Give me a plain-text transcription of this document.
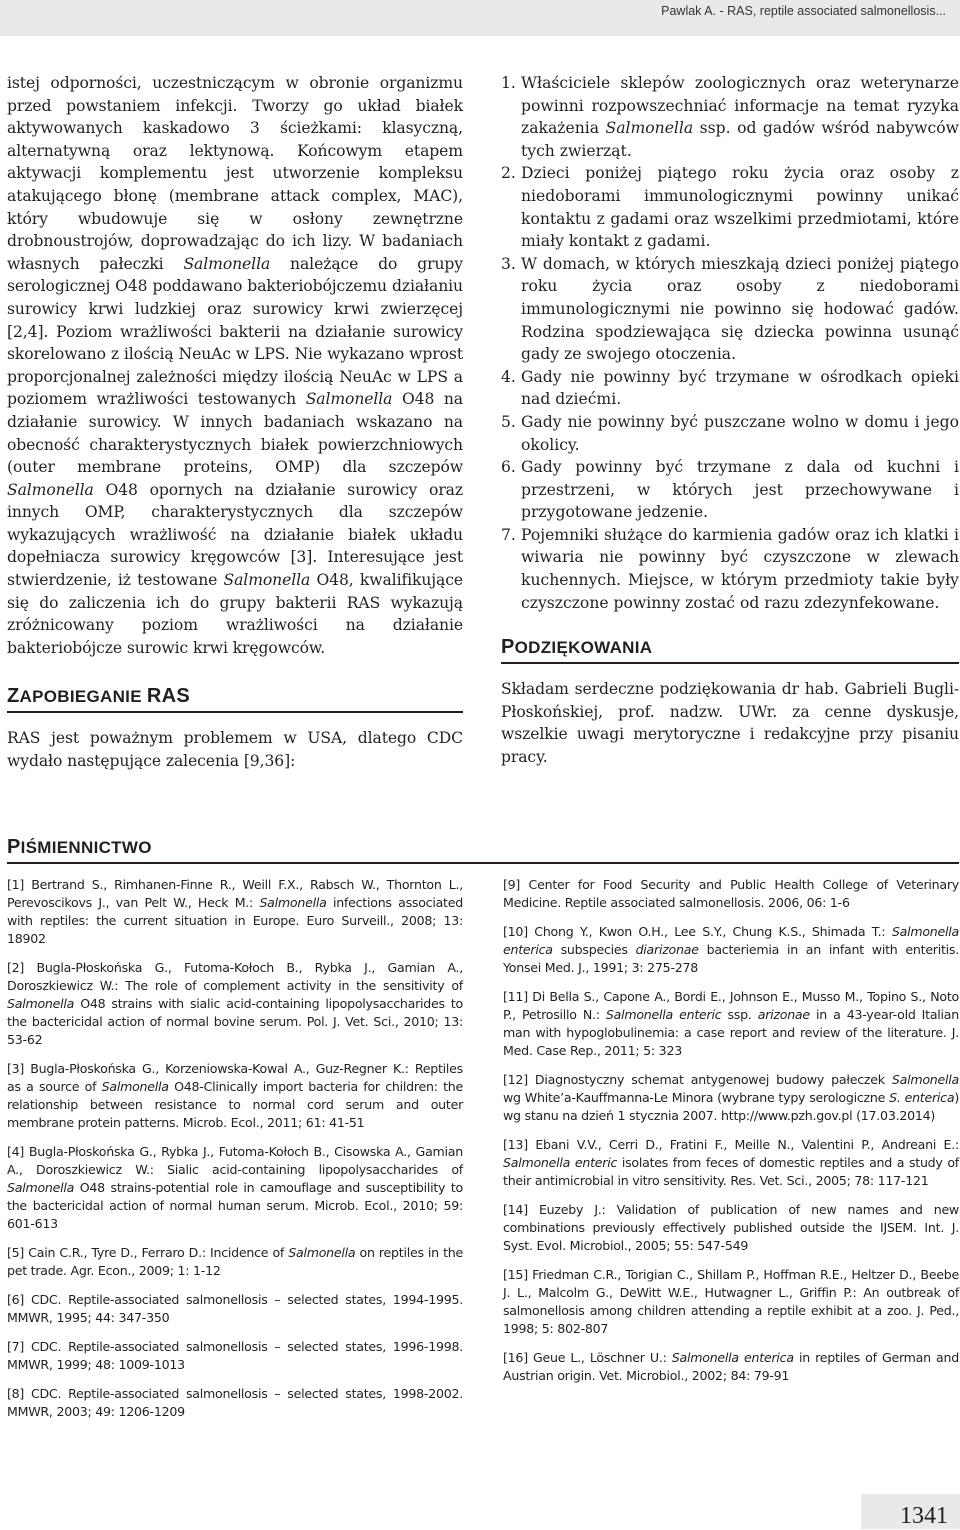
Pawlak A. - RAS, reptile associated salmonellosis...

istej odporności, uczestniczącym w obronie organizmu przed powstaniem infekcji. Tworzy go układ białek aktywowanych kaskadowo 3 ścieżkami: klasyczną, alternatywną oraz lektynową. Końcowym etapem aktywacji komplementu jest utworzenie kompleksu atakującego błonę (membrane attack complex, MAC), który wbudowuje się w osłony zewnętrzne drobnoustrojów, doprowadzając do ich lizy. W badaniach własnych pałeczki Salmonella należące do grupy serologicznej O48 poddawano bakteriobójczemu działaniu surowicy krwi ludzkiej oraz surowicy krwi zwierzęcej [2,4]. Poziom wrażliwości bakterii na działanie surowicy skorelowano z ilością NeuAc w LPS. Nie wykazano wprost proporcjonalnej zależności między ilością NeuAc w LPS a poziomem wrażliwości testowanych Salmonella O48 na działanie surowicy. W innych badaniach wskazano na obecność charakterystycznych białek powierzchniowych (outer membrane proteins, OMP) dla szczepów Salmonella O48 opornych na działanie surowicy oraz innych OMP, charakterystycznych dla szczepów wykazujących wrażliwość na działanie białek układu dopełniacza surowicy kręgowców [3]. Interesujące jest stwierdzenie, iż testowane Salmonella O48, kwalifikujące się do zaliczenia ich do grupy bakterii RAS wykazują zróżnicowany poziom wrażliwości na działanie bakteriobójcze surowic krwi kręgowców.

ZAPOBIEGANIE RAS

RAS jest poważnym problemem w USA, dlatego CDC wydało następujące zalecenia [9,36]:

1. Właściciele sklepów zoologicznych oraz weterynarze powinni rozpowszechniać informacje na temat ryzyka zakażenia Salmonella ssp. od gadów wśród nabywców tych zwierząt.
2. Dzieci poniżej piątego roku życia oraz osoby z niedoborami immunologicznymi powinny unikać kontaktu z gadami oraz wszelkimi przedmiotami, które miały kontakt z gadami.
3. W domach, w których mieszkają dzieci poniżej piątego roku życia oraz osoby z niedoborami immunologicznymi nie powinno się hodować gadów. Rodzina spodziewająca się dziecka powinna usunąć gady ze swojego otoczenia.
4. Gady nie powinny być trzymane w ośrodkach opieki nad dziećmi.
5. Gady nie powinny być puszczane wolno w domu i jego okolicy.
6. Gady powinny być trzymane z dala od kuchni i przestrzeni, w których jest przechowywane i przygotowane jedzenie.
7. Pojemniki służące do karmienia gadów oraz ich klatki i wiwaria nie powinny być czyszczone w zlewach kuchennych. Miejsce, w którym przedmioty takie były czyszczone powinny zostać od razu zdezynfekowane.
PODZIĘKOWANIA

Składam serdeczne podziękowania dr hab. Gabrieli Bugli-Płoskońskiej, prof. nadzw. UWr. za cenne dyskusje, wszelkie uwagi merytoryczne i redakcyjne przy pisaniu pracy.

PIŚMIENNICTWO

[1] Bertrand S., Rimhanen-Finne R., Weill F.X., Rabsch W., Thornton L., Perevoscikovs J., van Pelt W., Heck M.: Salmonella infections associated with reptiles: the current situation in Europe. Euro Surveill., 2008; 13: 18902

[2] Bugla-Płoskońska G., Futoma-Kołoch B., Rybka J., Gamian A., Doroszkiewicz W.: The role of complement activity in the sensitivity of Salmonella O48 strains with sialic acid-containing lipopolysaccharides to the bactericidal action of normal bovine serum. Pol. J. Vet. Sci., 2010; 13: 53-62

[3] Bugla-Płoskońska G., Korzeniowska-Kowal A., Guz-Regner K.: Reptiles as a source of Salmonella O48-Clinically import bacteria for children: the relationship between resistance to normal cord serum and outer membrane protein patterns. Microb. Ecol., 2011; 61: 41-51

[4] Bugla-Płoskońska G., Rybka J., Futoma-Kołoch B., Cisowska A., Gamian A., Doroszkiewicz W.: Sialic acid-containing lipopolysaccharides of Salmonella O48 strains-potential role in camouflage and susceptibility to the bactericidal action of normal human serum. Microb. Ecol., 2010; 59: 601-613

[5] Cain C.R., Tyre D., Ferraro D.: Incidence of Salmonella on reptiles in the pet trade. Agr. Econ., 2009; 1: 1-12

[6] CDC. Reptile-associated salmonellosis – selected states, 1994-1995. MMWR, 1995; 44: 347-350

[7] CDC. Reptile-associated salmonellosis – selected states, 1996-1998. MMWR, 1999; 48: 1009-1013

[8] CDC. Reptile-associated salmonellosis – selected states, 1998-2002. MMWR, 2003; 49: 1206-1209

[9] Center for Food Security and Public Health College of Veterinary Medicine. Reptile associated salmonellosis. 2006, 06: 1-6

[10] Chong Y., Kwon O.H., Lee S.Y., Chung K.S., Shimada T.: Salmonella enterica subspecies diarizonae bacteriemia in an infant with enteritis. Yonsei Med. J., 1991; 3: 275-278

[11] Di Bella S., Capone A., Bordi E., Johnson E., Musso M., Topino S., Noto P., Petrosillo N.: Salmonella enteric ssp. arizonae in a 43-year-old Italian man with hypoglobulinemia: a case report and review of the literature. J. Med. Case Rep., 2011; 5: 323

[12] Diagnostyczny schemat antygenowej budowy pałeczek Salmonella wg White’a-Kauffmanna-Le Minora (wybrane typy serologiczne S. enterica) wg stanu na dzień 1 stycznia 2007. http://www.pzh.gov.pl (17.03.2014)

[13] Ebani V.V., Cerri D., Fratini F., Meille N., Valentini P., Andreani E.: Salmonella enteric isolates from feces of domestic reptiles and a study of their antimicrobial in vitro sensitivity. Res. Vet. Sci., 2005; 78: 117-121

[14] Euzeby J.: Validation of publication of new names and new combinations previously effectively published outside the IJSEM. Int. J. Syst. Evol. Microbiol., 2005; 55: 547-549

[15] Friedman C.R., Torigian C., Shillam P., Hoffman R.E., Heltzer D., Beebe J. L., Malcolm G., DeWitt W.E., Hutwagner L., Griffin P.: An outbreak of salmonellosis among children attending a reptile exhibit at a zoo. J. Ped., 1998; 5: 802-807

[16] Geue L., Löschner U.: Salmonella enterica in reptiles of German and Austrian origin. Vet. Microbiol., 2002; 84: 79-91

1341
